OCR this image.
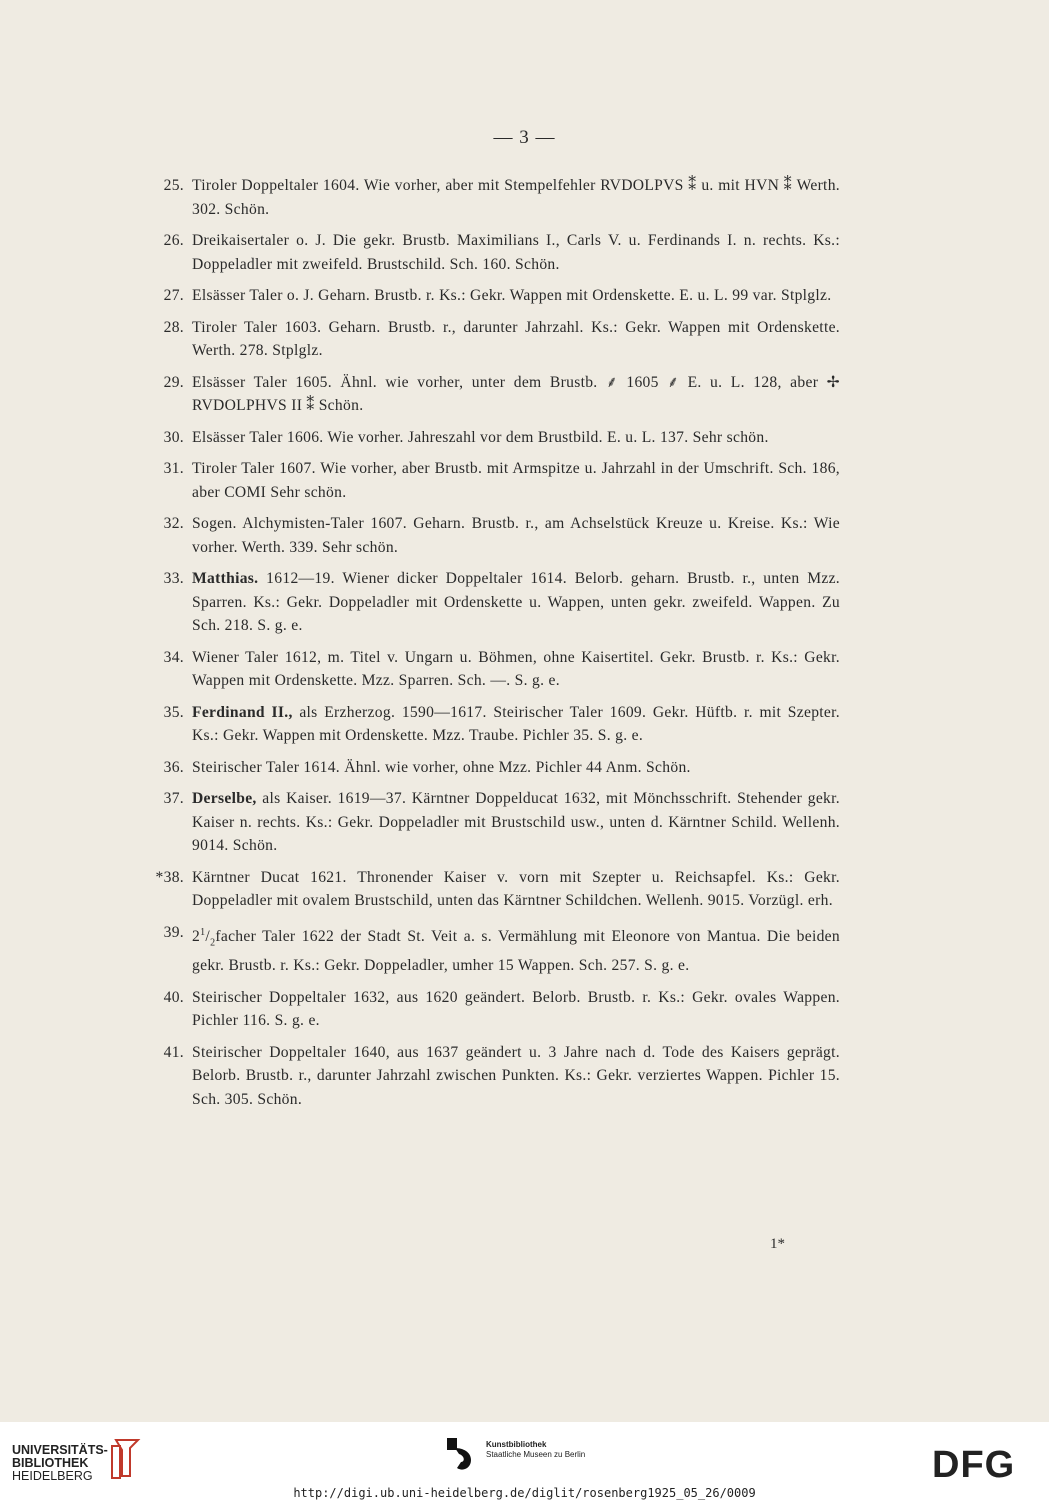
— 3 —
25. Tiroler Doppeltaler 1604. Wie vorher, aber mit Stempelfehler RVDOLPVS ⁑ u. mit HVN ⁑ Werth. 302. Schön.
26. Dreikaisertaler o. J. Die gekr. Brustb. Maximilians I., Carls V. u. Ferdinands I. n. rechts. Ks.: Doppeladler mit zweifeld. Brustschild. Sch. 160. Schön.
27. Elsässer Taler o. J. Geharn. Brustb. r. Ks.: Gekr. Wappen mit Ordenskette. E. u. L. 99 var. Stplglz.
28. Tiroler Taler 1603. Geharn. Brustb. r., darunter Jahrzahl. Ks.: Gekr. Wappen mit Ordenskette. Werth. 278. Stplglz.
29. Elsässer Taler 1605. Ähnl. wie vorher, unter dem Brustb. ⸙ 1605 ⸙ E. u. L. 128, aber ✢ RVDOLPHVS II ⁑ Schön.
30. Elsässer Taler 1606. Wie vorher. Jahreszahl vor dem Brustbild. E. u. L. 137. Sehr schön.
31. Tiroler Taler 1607. Wie vorher, aber Brustb. mit Armspitze u. Jahrzahl in der Umschrift. Sch. 186, aber COMI Sehr schön.
32. Sogen. Alchymisten-Taler 1607. Geharn. Brustb. r., am Achselstück Kreuze u. Kreise. Ks.: Wie vorher. Werth. 339. Sehr schön.
33. Matthias. 1612—19. Wiener dicker Doppeltaler 1614. Belorb. geharn. Brustb. r., unten Mzz. Sparren. Ks.: Gekr. Doppeladler mit Ordenskette u. Wappen, unten gekr. zweifeld. Wappen. Zu Sch. 218. S. g. e.
34. Wiener Taler 1612, m. Titel v. Ungarn u. Böhmen, ohne Kaisertitel. Gekr. Brustb. r. Ks.: Gekr. Wappen mit Ordenskette. Mzz. Sparren. Sch. —. S. g. e.
35. Ferdinand II., als Erzherzog. 1590—1617. Steirischer Taler 1609. Gekr. Hüftb. r. mit Szepter. Ks.: Gekr. Wappen mit Ordenskette. Mzz. Traube. Pichler 35. S. g. e.
36. Steirischer Taler 1614. Ähnl. wie vorher, ohne Mzz. Pichler 44 Anm. Schön.
37. Derselbe, als Kaiser. 1619—37. Kärntner Doppelducat 1632, mit Mönchsschrift. Stehender gekr. Kaiser n. rechts. Ks.: Gekr. Doppeladler mit Brustschild usw., unten d. Kärntner Schild. Wellenh. 9014. Schön.
*38. Kärntner Ducat 1621. Thronender Kaiser v. vorn mit Szepter u. Reichsapfel. Ks.: Gekr. Doppeladler mit ovalem Brustschild, unten das Kärntner Schildchen. Wellenh. 9015. Vorzügl. erh.
39. $2^1/_2facher$ Taler 1622 der Stadt St. Veit a. s. Vermählung mit Eleonore von Mantua. Die beiden gekr. Brustb. r. Ks.: Gekr. Doppeladler, umher 15 Wappen. Sch. 257. S. g. e.
40. Steirischer Doppeltaler 1632, aus 1620 geändert. Belorb. Brustb. r. Ks.: Gekr. ovales Wappen. Pichler 116. S. g. e.
41. Steirischer Doppeltaler 1640, aus 1637 geändert u. 3 Jahre nach d. Tode des Kaisers geprägt. Belorb. Brustb. r., darunter Jahrzahl zwischen Punkten. Ks.: Gekr. verziertes Wappen. Pichler 15. Sch. 305. Schön.
1*
UNIVERSITÄTS-
BIBLIOTHEK
HEIDELBERG
Kunstbibliothek
Staatliche Museen zu Berlin	DFG
http://digi.ub.uni-heidelberg.de/diglit/rosenberg1925_05_26/0009
